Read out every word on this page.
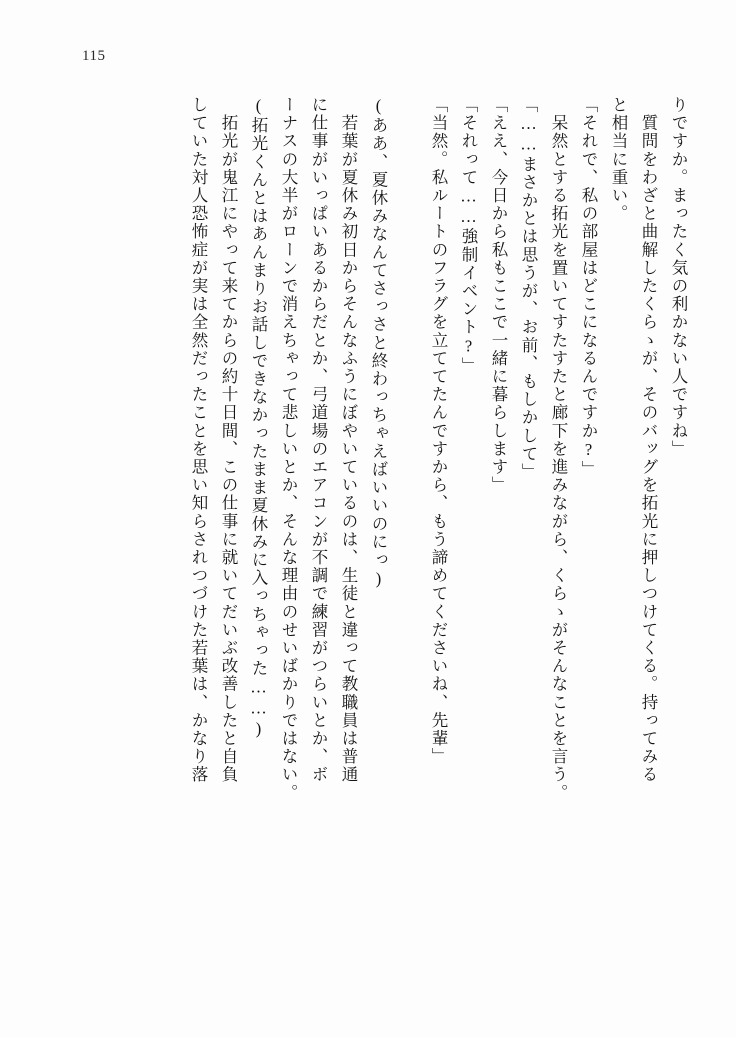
115
りですか。まったく気の利かない人ですね」
　質問をわざと曲解したくらゝが、そのバッグを拓光に押しつけてくる。持ってみる
と相当に重い。
「それで、私の部屋はどこになるんですか?」
　呆然とする拓光を置いてすたすたと廊下を進みながら、くらゝがそんなことを言う。
「……まさかとは思うが、お前、もしかして」
「ええ、今日から私もここで一緒に暮らします」
「それって……強制イベント?」
「当然。私ルートのフラグを立ててたんですから、もう諦めてくださいね、先輩」
(ああ、夏休みなんてさっさと終わっちゃえばいいのにっ)
　若葉が夏休み初日からそんなふうにぼやいているのは、生徒と違って教職員は普通
に仕事がいっぱいあるからだとか、弓道場のエアコンが不調で練習がつらいとか、ボ
ーナスの大半がローンで消えちゃって悲しいとか、そんな理由のせいばかりではない。
(拓光くんとはあんまりお話しできなかったまま夏休みに入っちゃった……)
　拓光が鬼江にやって来てからの約十日間、この仕事に就いてだいぶ改善したと自負
していた対人恐怖症が実は全然だったことを思い知らされつづけた若葉は、かなり落
